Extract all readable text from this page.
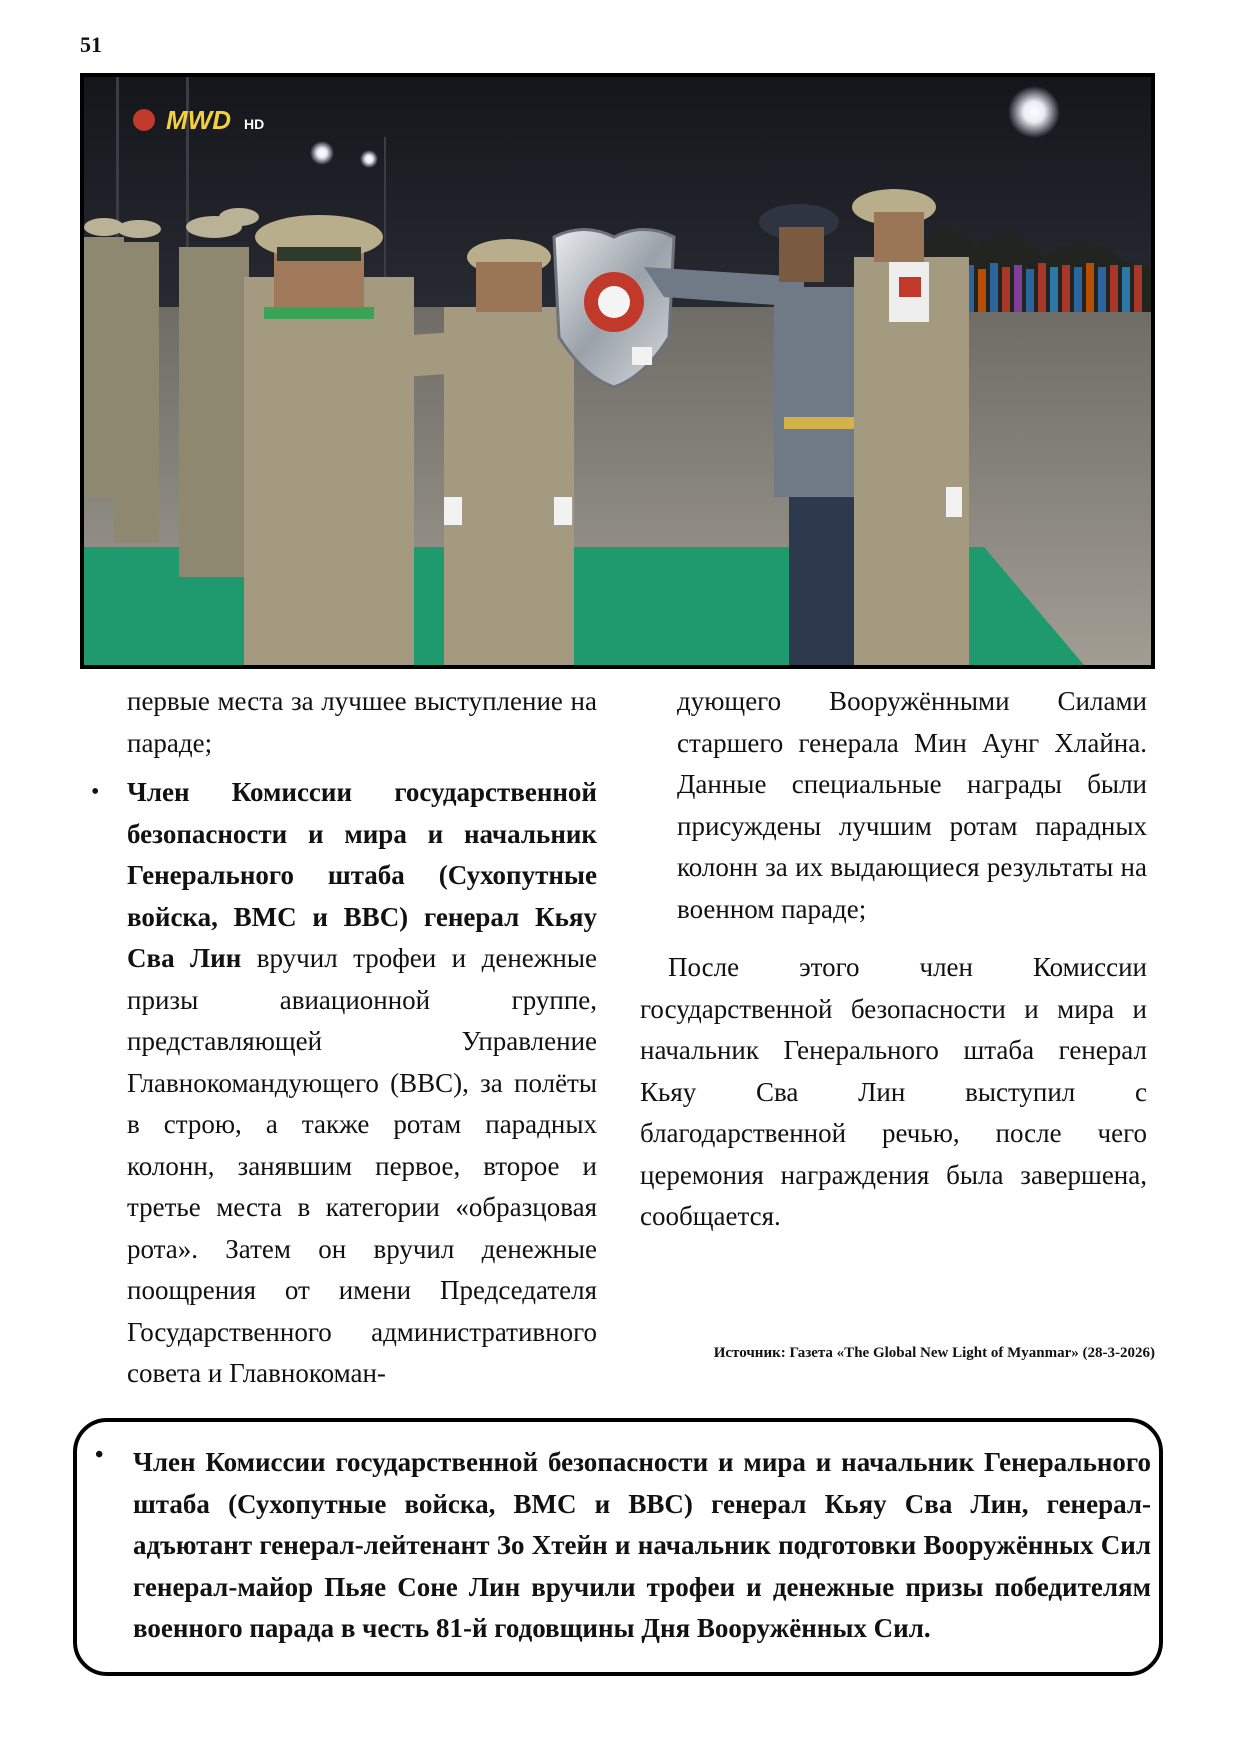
51
MWD HD

первые места за лучшее выступление на параде;

• Член Комиссии государственной безопасности и мира и начальник Генерального штаба (Сухопутные войска, ВМС и ВВС) генерал Кьяу Сва Лин вручил трофеи и денежные призы авиационной группе, представляющей Управление Главнокомандующего (ВВС), за полёты в строю, а также ротам парадных колонн, занявшим первое, второе и третье места в категории «образцовая рота». Затем он вручил денежные поощрения от имени Председателя Государственного административного совета и Главнокоман-

дующего Вооружёнными Силами старшего генерала Мин Аунг Хлайна. Данные специальные награды были присуждены лучшим ротам парадных колонн за их выдающиеся результаты на военном параде;

После этого член Комиссии государственной безопасности и мира и начальник Генерального штаба генерал Кьяу Сва Лин выступил с благодарственной речью, после чего церемония награждения была завершена, сообщается.

Источник: Газета «The Global New Light of Myanmar» (28-3-2026)
• Член Комиссии государственной безопасности и мира и начальник Генерального штаба (Сухопутные войска, ВМС и ВВС) генерал Кьяу Сва Лин, генерал-адъютант генерал-лейтенант Зо Хтейн и начальник подготовки Вооружённых Сил генерал-майор Пьяе Соне Лин вручили трофеи и денежные призы победителям военного парада в честь 81-й годовщины Дня Вооружённых Сил.
